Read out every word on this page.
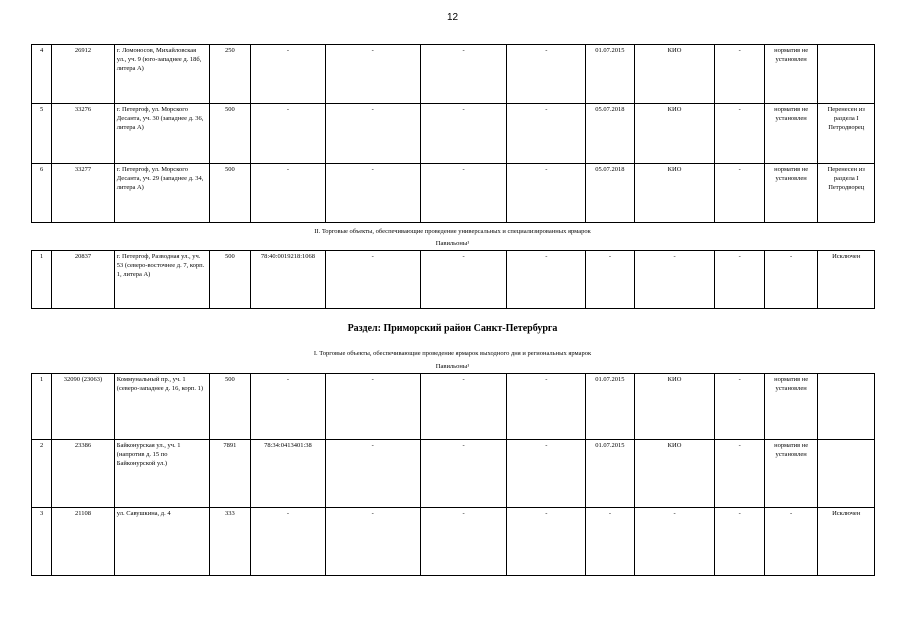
12
4	26912	г. Ломоносов, Михайловская ул., уч. 9 (юго-западнее д. 18б, литера А)	250	-	-	-	-	01.07.2015	КИО	-	норматив не установлен	
5	33276	г. Петергоф, ул. Морского Десанта, уч. 30 (западнее д. 36, литера А)	500	-	-	-	-	05.07.2018	КИО	-	норматив не установлен	Перенесен из раздела I Петродворец
6	33277	г. Петергоф, ул. Морского Десанта, уч. 29 (западнее д. 34, литера А)	500	-	-	-	-	05.07.2018	КИО	-	норматив не установлен	Перенесен из раздела I Петродворец
II. Торговые объекты, обеспечивающие проведение универсальных и специализированных ярмарок
Павильоны¹
1	20837	г. Петергоф, Разводная ул., уч. 53 (северо-восточнее д. 7, корп. 1, литера А)	500	78:40:0019218:1068	-	-	-	-	-	-	-	Исключен
Раздел: Приморский район Санкт-Петербурга
I. Торговые объекты, обеспечивающие проведение ярмарок выходного дня и региональных ярмарок
Павильоны¹
1	32090 (23063)	Коммунальный пр., уч. 1 (северо-западнее д. 16, корп. 1)	500	-	-	-	-	01.07.2015	КИО	-	норматив не установлен	
2	23386	Байконурская ул., уч. 1 (напротив д. 15 по Байконурской ул.)	7891	78:34:0413401:38	-	-	-	01.07.2015	КИО	-	норматив не установлен	
3	21108	ул. Савушкина, д. 4	333	-	-	-	-	-	-	-	-	Исключен
